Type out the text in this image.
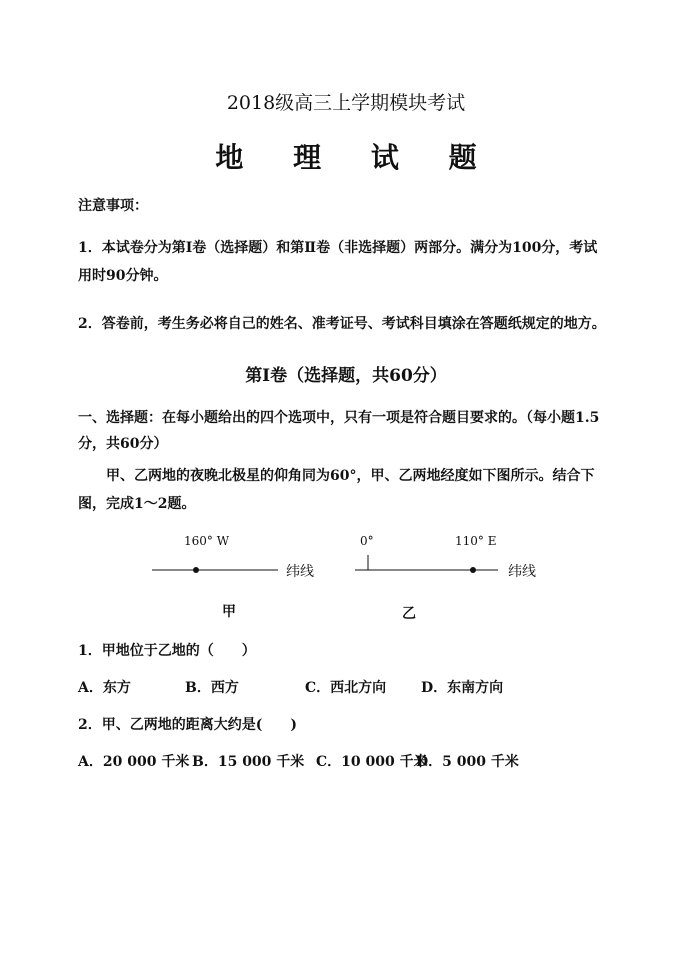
2018级高三上学期模块考试
地 理 试 题
注意事项：
1．本试卷分为第Ⅰ卷（选择题）和第Ⅱ卷（非选择题）两部分。满分为100分，考试
用时90分钟。
2．答卷前，考生务必将自己的姓名、准考证号、考试科目填涂在答题纸规定的地方。
第Ⅰ卷（选择题，共60分）
一、选择题：在每小题给出的四个选项中，只有一项是符合题目要求的。（每小题1.5分，共60分）
甲、乙两地的夜晚北极星的仰角同为60°，甲、乙两地经度如下图所示。结合下图，完成1～2题。
160° W
纬线
0°	110° E
纬线
甲	乙
1．甲地位于乙地的（　　）
A．东方	B．西方	C．西北方向 D．东南方向
2．甲、乙两地的距离大约是(　　)
A．20 000 千米 B．15 000 千米 C．10 000 千米
D．5 000 千米
